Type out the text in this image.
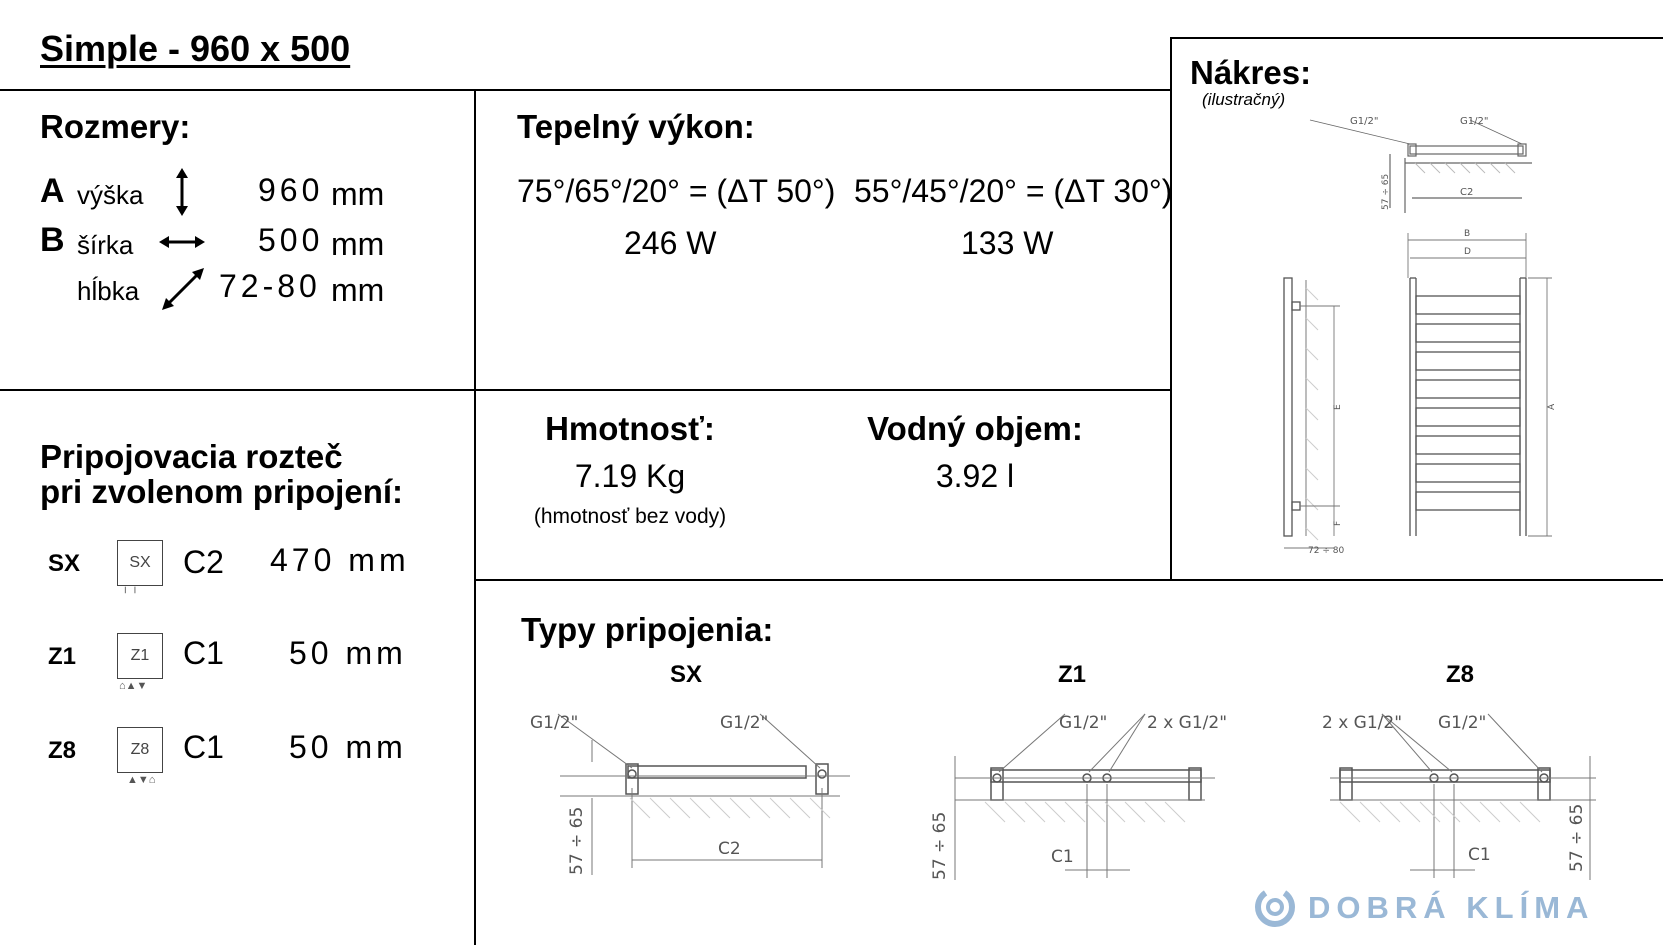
Simple - 960 x 500
Rozmery:
A výška	960 mm
B šírka	500 mm
hĺbka 72-80 mm
Tepelný výkon:
75°/65°/20° = (ΔT 50°)
246 W
55°/45°/20° = (ΔT 30°)
133 W
Hmotnosť:
7.19 Kg
(hmotnosť bez vody)
Vodný objem:
3.92 l
Nákres:
(ilustračný)
G1/2"	G1/2"
C2
57 ÷ 65
B
D
A
E
F
72 ÷ 80
Pripojovacia rozteč
pri zvolenom pripojení:
SX	SX
╵ ╵
C2 470 mm
Z1	Z1
⌂▲▼
C1 50 mm
Z8	Z8
▲▼⌂
C1 50 mm
Typy pripojenia:
SX
G1/2"	G1/2"
57 ÷ 65	C2
Z1
G1/2" 2 x G1/2"
57 ÷ 65	C1
Z8
2 x G1/2" G1/2"
57 ÷ 65
C1
DOBRÁ KLÍMA
